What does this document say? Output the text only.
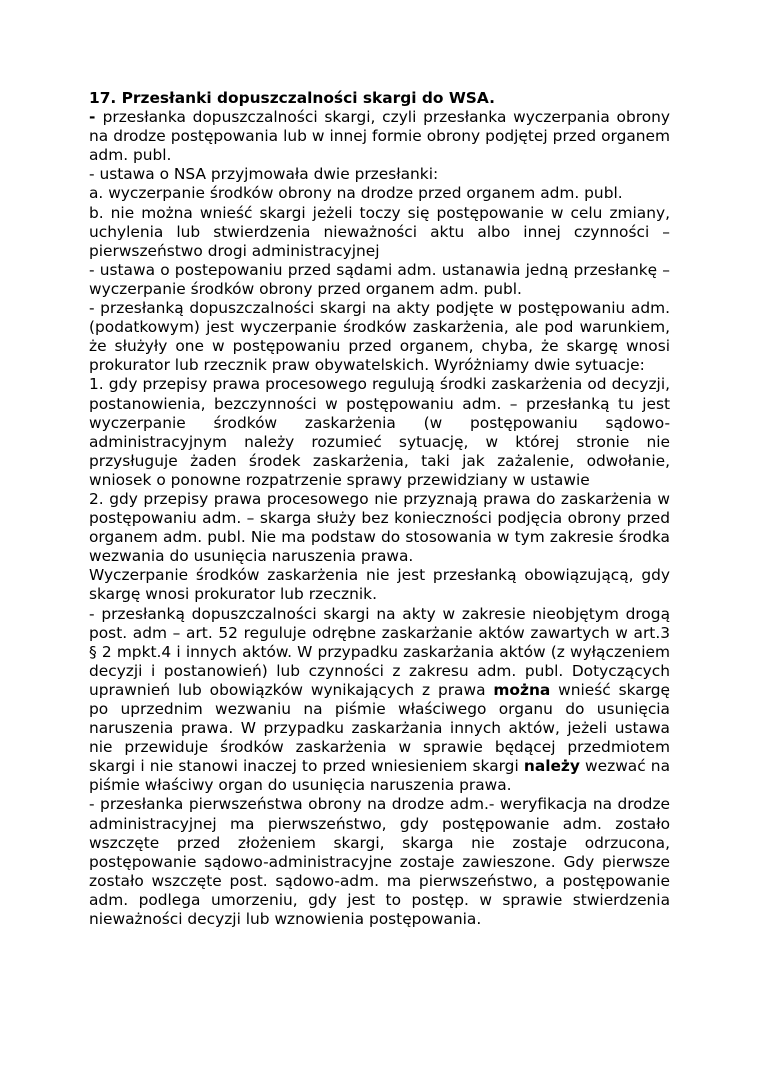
17. Przesłanki dopuszczalności skargi do WSA.

- przesłanka dopuszczalności skargi, czyli przesłanka wyczerpania obrony na drodze postępowania lub w innej formie obrony podjętej przed organem adm. publ.

- ustawa o NSA przyjmowała dwie przesłanki:

a. wyczerpanie środków obrony na drodze przed organem adm. publ.

b. nie można wnieść skargi jeżeli toczy się postępowanie w celu zmiany, uchylenia lub stwierdzenia nieważności aktu albo innej czynności – pierwszeństwo drogi administracyjnej

- ustawa o postepowaniu przed sądami adm. ustanawia jedną przesłankę – wyczerpanie środków obrony przed organem adm. publ.

- przesłanką dopuszczalności skargi na akty podjęte w postępowaniu adm. (podatkowym) jest wyczerpanie środków zaskarżenia, ale pod warunkiem, że służyły one w postępowaniu przed organem, chyba, że skargę wnosi prokurator lub rzecznik praw obywatelskich. Wyróżniamy dwie sytuacje:

1. gdy przepisy prawa procesowego regulują środki zaskarżenia od decyzji, postanowienia, bezczynności w postępowaniu adm. – przesłanką tu jest wyczerpanie środków zaskarżenia (w postępowaniu sądowo-administracyjnym należy rozumieć sytuację, w której stronie nie przysługuje żaden środek zaskarżenia, taki jak zażalenie, odwołanie, wniosek o ponowne rozpatrzenie sprawy przewidziany w ustawie

2. gdy przepisy prawa procesowego nie przyznają prawa do zaskarżenia w postępowaniu adm. – skarga służy bez konieczności podjęcia obrony przed organem adm. publ. Nie ma podstaw do stosowania w tym zakresie środka wezwania do usunięcia naruszenia prawa.

Wyczerpanie środków zaskarżenia nie jest przesłanką obowiązującą, gdy skargę wnosi prokurator lub rzecznik.

- przesłanką dopuszczalności skargi na akty w zakresie nieobjętym drogą post. adm – art. 52 reguluje odrębne zaskarżanie aktów zawartych w art.3 § 2 mpkt.4 i innych aktów. W przypadku zaskarżania aktów (z wyłączeniem decyzji i postanowień) lub czynności z zakresu adm. publ. Dotyczących uprawnień lub obowiązków wynikających z prawa można wnieść skargę po uprzednim wezwaniu na piśmie właściwego organu do usunięcia naruszenia prawa. W przypadku zaskarżania innych aktów, jeżeli ustawa nie przewiduje środków zaskarżenia w sprawie będącej przedmiotem skargi i nie stanowi inaczej to przed wniesieniem skargi należy wezwać na piśmie właściwy organ do usunięcia naruszenia prawa.

- przesłanka pierwszeństwa obrony na drodze adm.- weryfikacja na drodze administracyjnej ma pierwszeństwo, gdy postępowanie adm. zostało wszczęte przed złożeniem skargi, skarga nie zostaje odrzucona, postępowanie sądowo-administracyjne zostaje zawieszone. Gdy pierwsze zostało wszczęte post. sądowo-adm. ma pierwszeństwo, a postępowanie adm. podlega umorzeniu, gdy jest to postęp. w sprawie stwierdzenia nieważności decyzji lub wznowienia postępowania.
